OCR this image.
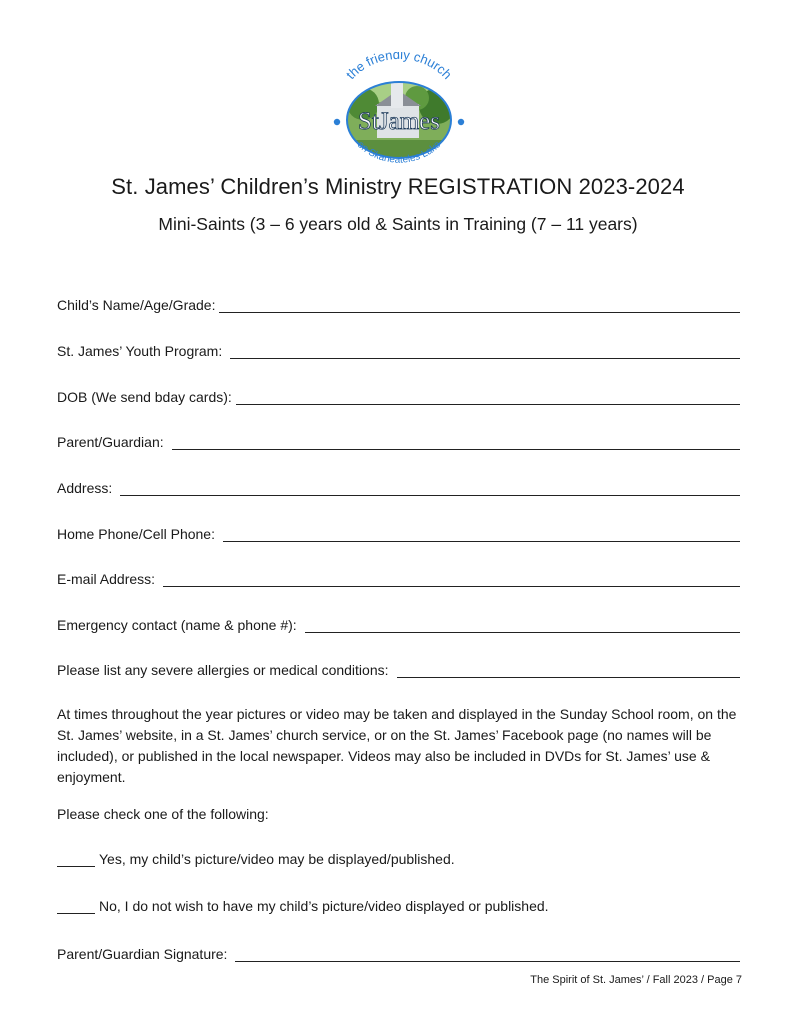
the friendly church
on Skaneateles Lake
StJames
St. James’ Children’s Ministry REGISTRATION 2023-2024
Mini-Saints (3 – 6 years old & Saints in Training (7 – 11 years)
Child’s Name/Age/Grade:
St. James’ Youth Program:
DOB (We send bday cards):
Parent/Guardian:
Address:
Home Phone/Cell Phone:
E-mail Address:
Emergency contact (name & phone #):
Please list any severe allergies or medical conditions:
At times throughout the year pictures or video may be taken and displayed in the Sunday School room, on the St. James’ website, in a St. James’ church service, or on the St. James’ Facebook page (no names will be included), or published in the local newspaper. Videos may also be included in DVDs for St. James’ use & enjoyment.
Please check one of the following:
Yes, my child’s picture/video may be displayed/published.
No, I do not wish to have my child’s picture/video displayed or published.
Parent/Guardian Signature:
The Spirit of St. James’ / Fall 2023 / Page 7
